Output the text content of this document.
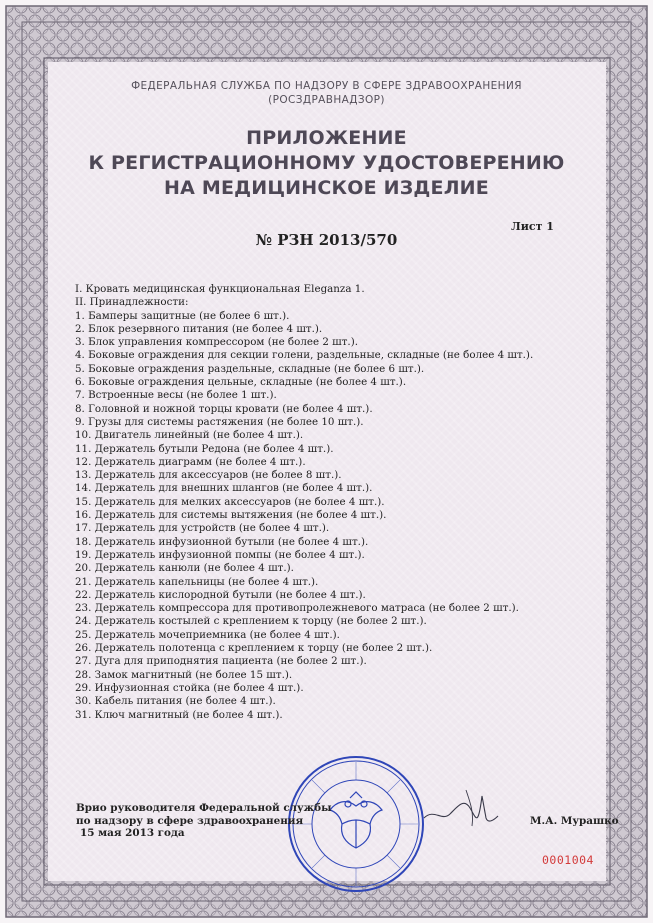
ФЕДЕРАЛЬНАЯ СЛУЖБА ПО НАДЗОРУ В СФЕРЕ ЗДРАВООХРАНЕНИЯ
(РОСЗДРАВНАДЗОР)
ПРИЛОЖЕНИЕ
К РЕГИСТРАЦИОННОМУ УДОСТОВЕРЕНИЮ
НА МЕДИЦИНСКОЕ ИЗДЕЛИЕ
Лист 1
№ РЗН 2013/570
I. Кровать медицинская функциональная Eleganza 1.
II. Принадлежности:
1. Бамперы защитные (не более 6 шт.).
2. Блок резервного питания (не более 4 шт.).
3. Блок управления компрессором (не более 2 шт.).
4. Боковые ограждения для секции голени, раздельные, складные (не более 4 шт.).
5. Боковые ограждения раздельные, складные (не более 6 шт.).
6. Боковые ограждения цельные, складные (не более 4 шт.).
7. Встроенные весы (не более 1 шт.).
8. Головной и ножной торцы кровати (не более 4 шт.).
9. Грузы для системы растяжения (не более 10 шт.).
10. Двигатель линейный (не более 4 шт.).
11. Держатель бутыли Редона (не более 4 шт.).
12. Держатель диаграмм (не более 4 шт.).
13. Держатель для аксессуаров (не более 8 шт.).
14. Держатель для внешних шлангов (не более 4 шт.).
15. Держатель для мелких аксессуаров (не более 4 шт.).
16. Держатель для системы вытяжения (не более 4 шт.).
17. Держатель для устройств (не более 4 шт.).
18. Держатель инфузионной бутыли (не более 4 шт.).
19. Держатель инфузионной помпы (не более 4 шт.).
20. Держатель канюли (не более 4 шт.).
21. Держатель капельницы (не более 4 шт.).
22. Держатель кислородной бутыли (не более 4 шт.).
23. Держатель компрессора для противопролежневого матраса (не более 2 шт.).
24. Держатель костылей с креплением к торцу (не более 2 шт.).
25. Держатель мочеприемника (не более 4 шт.).
26. Держатель полотенца с креплением к торцу (не более 2 шт.).
27. Дуга для приподнятия пациента (не более 2 шт.).
28. Замок магнитный (не более 15 шт.).
29. Инфузионная стойка (не более 4 шт.).
30. Кабель питания (не более 4 шт.).
31. Ключ магнитный (не более 4 шт.).
Врио руководителя Федеральной службы
по надзору в сфере здравоохранения
15 мая 2013 года
М.А. Мурашко
0001004
